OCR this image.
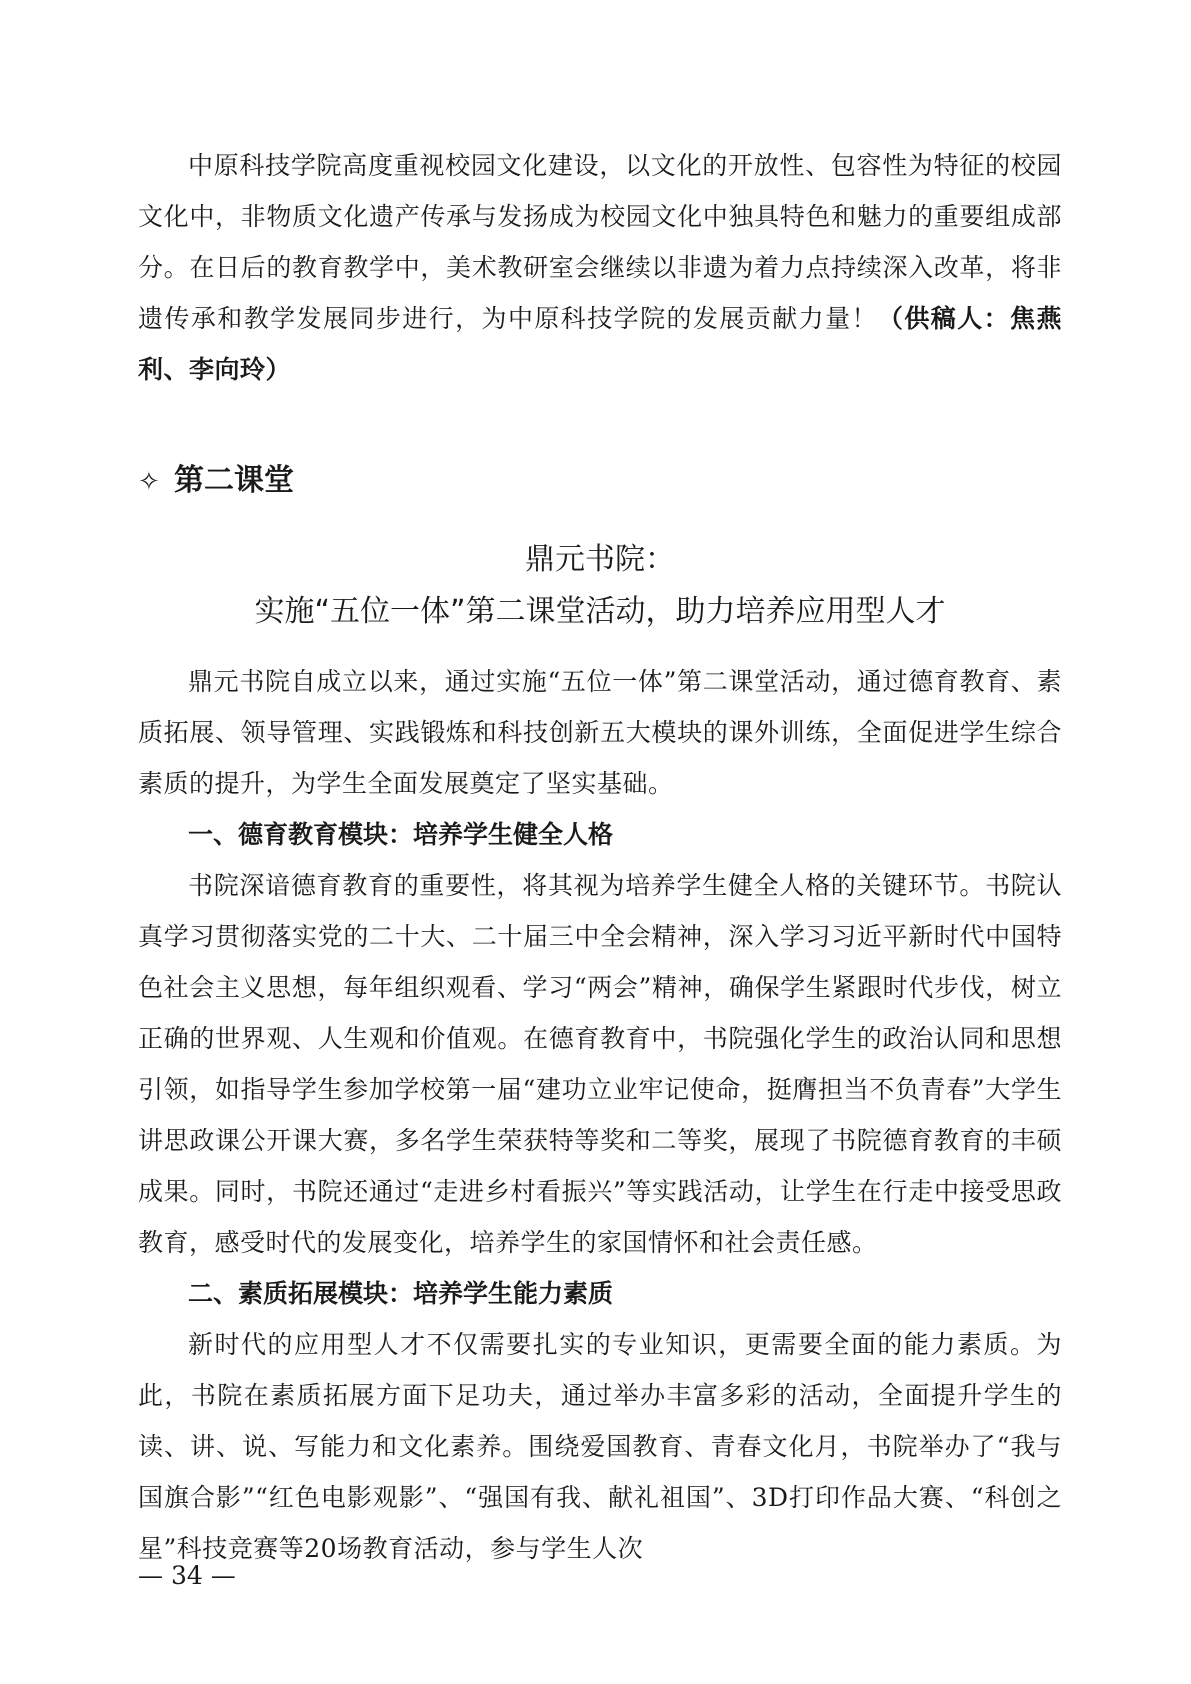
中原科技学院高度重视校园文化建设，以文化的开放性、包容性为特征的校园文化中，非物质文化遗产传承与发扬成为校园文化中独具特色和魅力的重要组成部分。在日后的教育教学中，美术教研室会继续以非遗为着力点持续深入改革，将非遗传承和教学发展同步进行，为中原科技学院的发展贡献力量！（供稿人：焦燕利、李向玲）

✧ 第二课堂

鼎元书院：

实施“五位一体”第二课堂活动，助力培养应用型人才

鼎元书院自成立以来，通过实施“五位一体”第二课堂活动，通过德育教育、素质拓展、领导管理、实践锻炼和科技创新五大模块的课外训练，全面促进学生综合素质的提升，为学生全面发展奠定了坚实基础。

一、德育教育模块：培养学生健全人格

书院深谙德育教育的重要性，将其视为培养学生健全人格的关键环节。书院认真学习贯彻落实党的二十大、二十届三中全会精神，深入学习习近平新时代中国特色社会主义思想，每年组织观看、学习“两会”精神，确保学生紧跟时代步伐，树立正确的世界观、人生观和价值观。在德育教育中，书院强化学生的政治认同和思想引领，如指导学生参加学校第一届“建功立业牢记使命，挺膺担当不负青春”大学生讲思政课公开课大赛，多名学生荣获特等奖和二等奖，展现了书院德育教育的丰硕成果。同时，书院还通过“走进乡村看振兴”等实践活动，让学生在行走中接受思政教育，感受时代的发展变化，培养学生的家国情怀和社会责任感。

二、素质拓展模块：培养学生能力素质

新时代的应用型人才不仅需要扎实的专业知识，更需要全面的能力素质。为此，书院在素质拓展方面下足功夫，通过举办丰富多彩的活动，全面提升学生的读、讲、说、写能力和文化素养。围绕爱国教育、青春文化月，书院举办了“我与国旗合影”“红色电影观影”、“强国有我、献礼祖国”、3D打印作品大赛、“科创之星”科技竞赛等20场教育活动，参与学生人次

— 34 —
